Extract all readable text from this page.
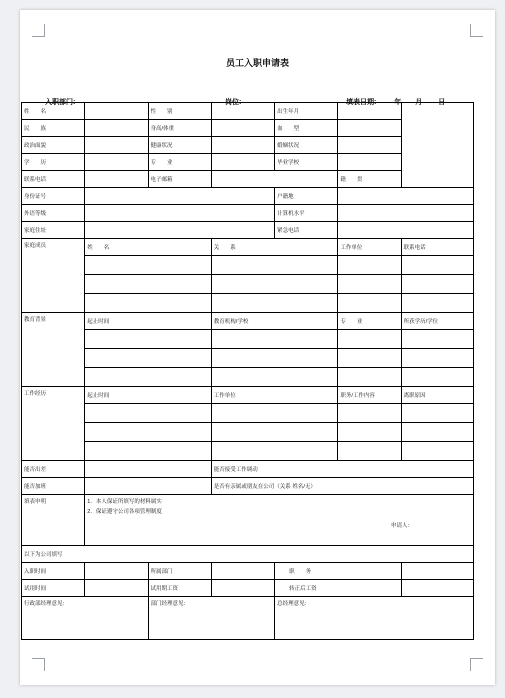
员工入职申请表
入职部门:	岗位:	填表日期:	年 月 日
姓　　名		性　　别		出生年月		
民　　族		身高/体重		血　　型		
政治面貌		健康状况		婚姻状况		
学　　历		专　　业		毕业学校		
联系电话		电子邮箱			籍　　贯	
身份证号				户籍地		
外语等级				计算机水平		
家庭住址				紧急电话		
家庭成员	姓　　名		关　　系		工作单位	联系电话

教育背景	起止时间		教育机构/学校		专　　业	所获学历/学位

工作经历	起止时间		工作单位		职务/工作内容	离职原因

能否出差			能否接受工作调动			
能否加班			是否有亲属或朋友在公司（关系 姓名/无）			
填表申明	1．本人保证所填写的材料属实
2．保证遵守公司各项管理制度
申请人:					

以下为公司填写						
入职时间		所属部门		职　　务		
试用时间		试用期工资		转正后工资		
行政部经理意见:		部门经理意见:		总经理意见:		
